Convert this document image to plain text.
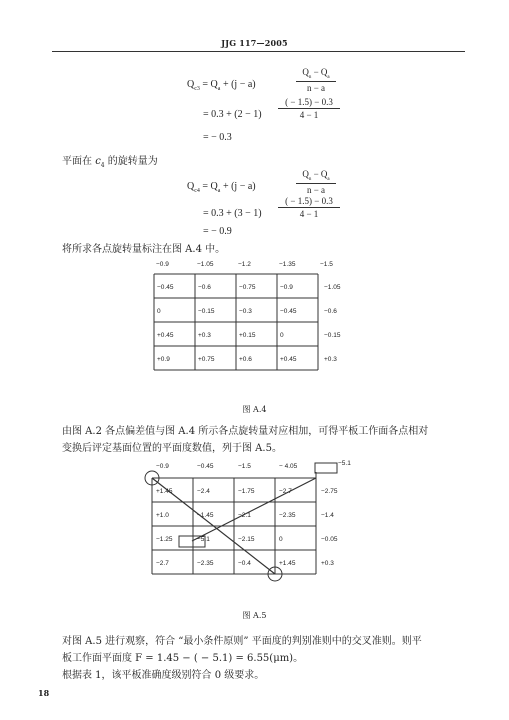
JJG 117—2005
$Q_{c3} = Q_a + (j - a)$	$\frac{Q_n - Q_a}{n - a}$
= $0.3 + (2 - 1) \frac{( - 1.5) - 0.3}{4 - 1}$
= − 0.3
平面在 $c_4$ 的旋转量为
$Q_{c4} = Q_a + (j - a)$	$\frac{Q_n - Q_a}{n - a}$
= $0.3 + (3 - 1) \frac{( - 1.5) - 0.3}{4 - 1}$
= − 0.9
将所求各点旋转量标注在图 A.4 中。
−0.9	−1.05	−1.2	−1.35	−1.5
−0.45	−0.6	−0.75	−0.9	−1.05
0	−0.15	−0.3	−0.45	−0.6
+0.45	+0.3	+0.15	0	−0.15
+0.9	+0.75	+0.6	+0.45	+0.3
图 A.4
由图 A.2 各点偏差值与图 A.4 所示各点旋转量对应相加，可得平板工作面各点相对
变换后评定基面位置的平面度数值，列于图 A.5。
−0.9	−0.45	−1.5	− 4.05	−5.1
+1.45	−2.4	−1.75	−2.7	−2.75
+1.0	−1.45	−2.1	−2.35	−1.4
−1.25	−5.1	−2.15	0	−0.05
−2.7	−2.35	−0.4	+1.45	+0.3
图 A.5
对图 A.5 进行观察，符合 “最小条件原则” 平面度的判别准则中的交叉准则。则平
板工作面平面度 F = 1.45 − ( − 5.1) = 6.55(μm)。
根据表 1，该平板准确度级别符合 0 级要求。
18
